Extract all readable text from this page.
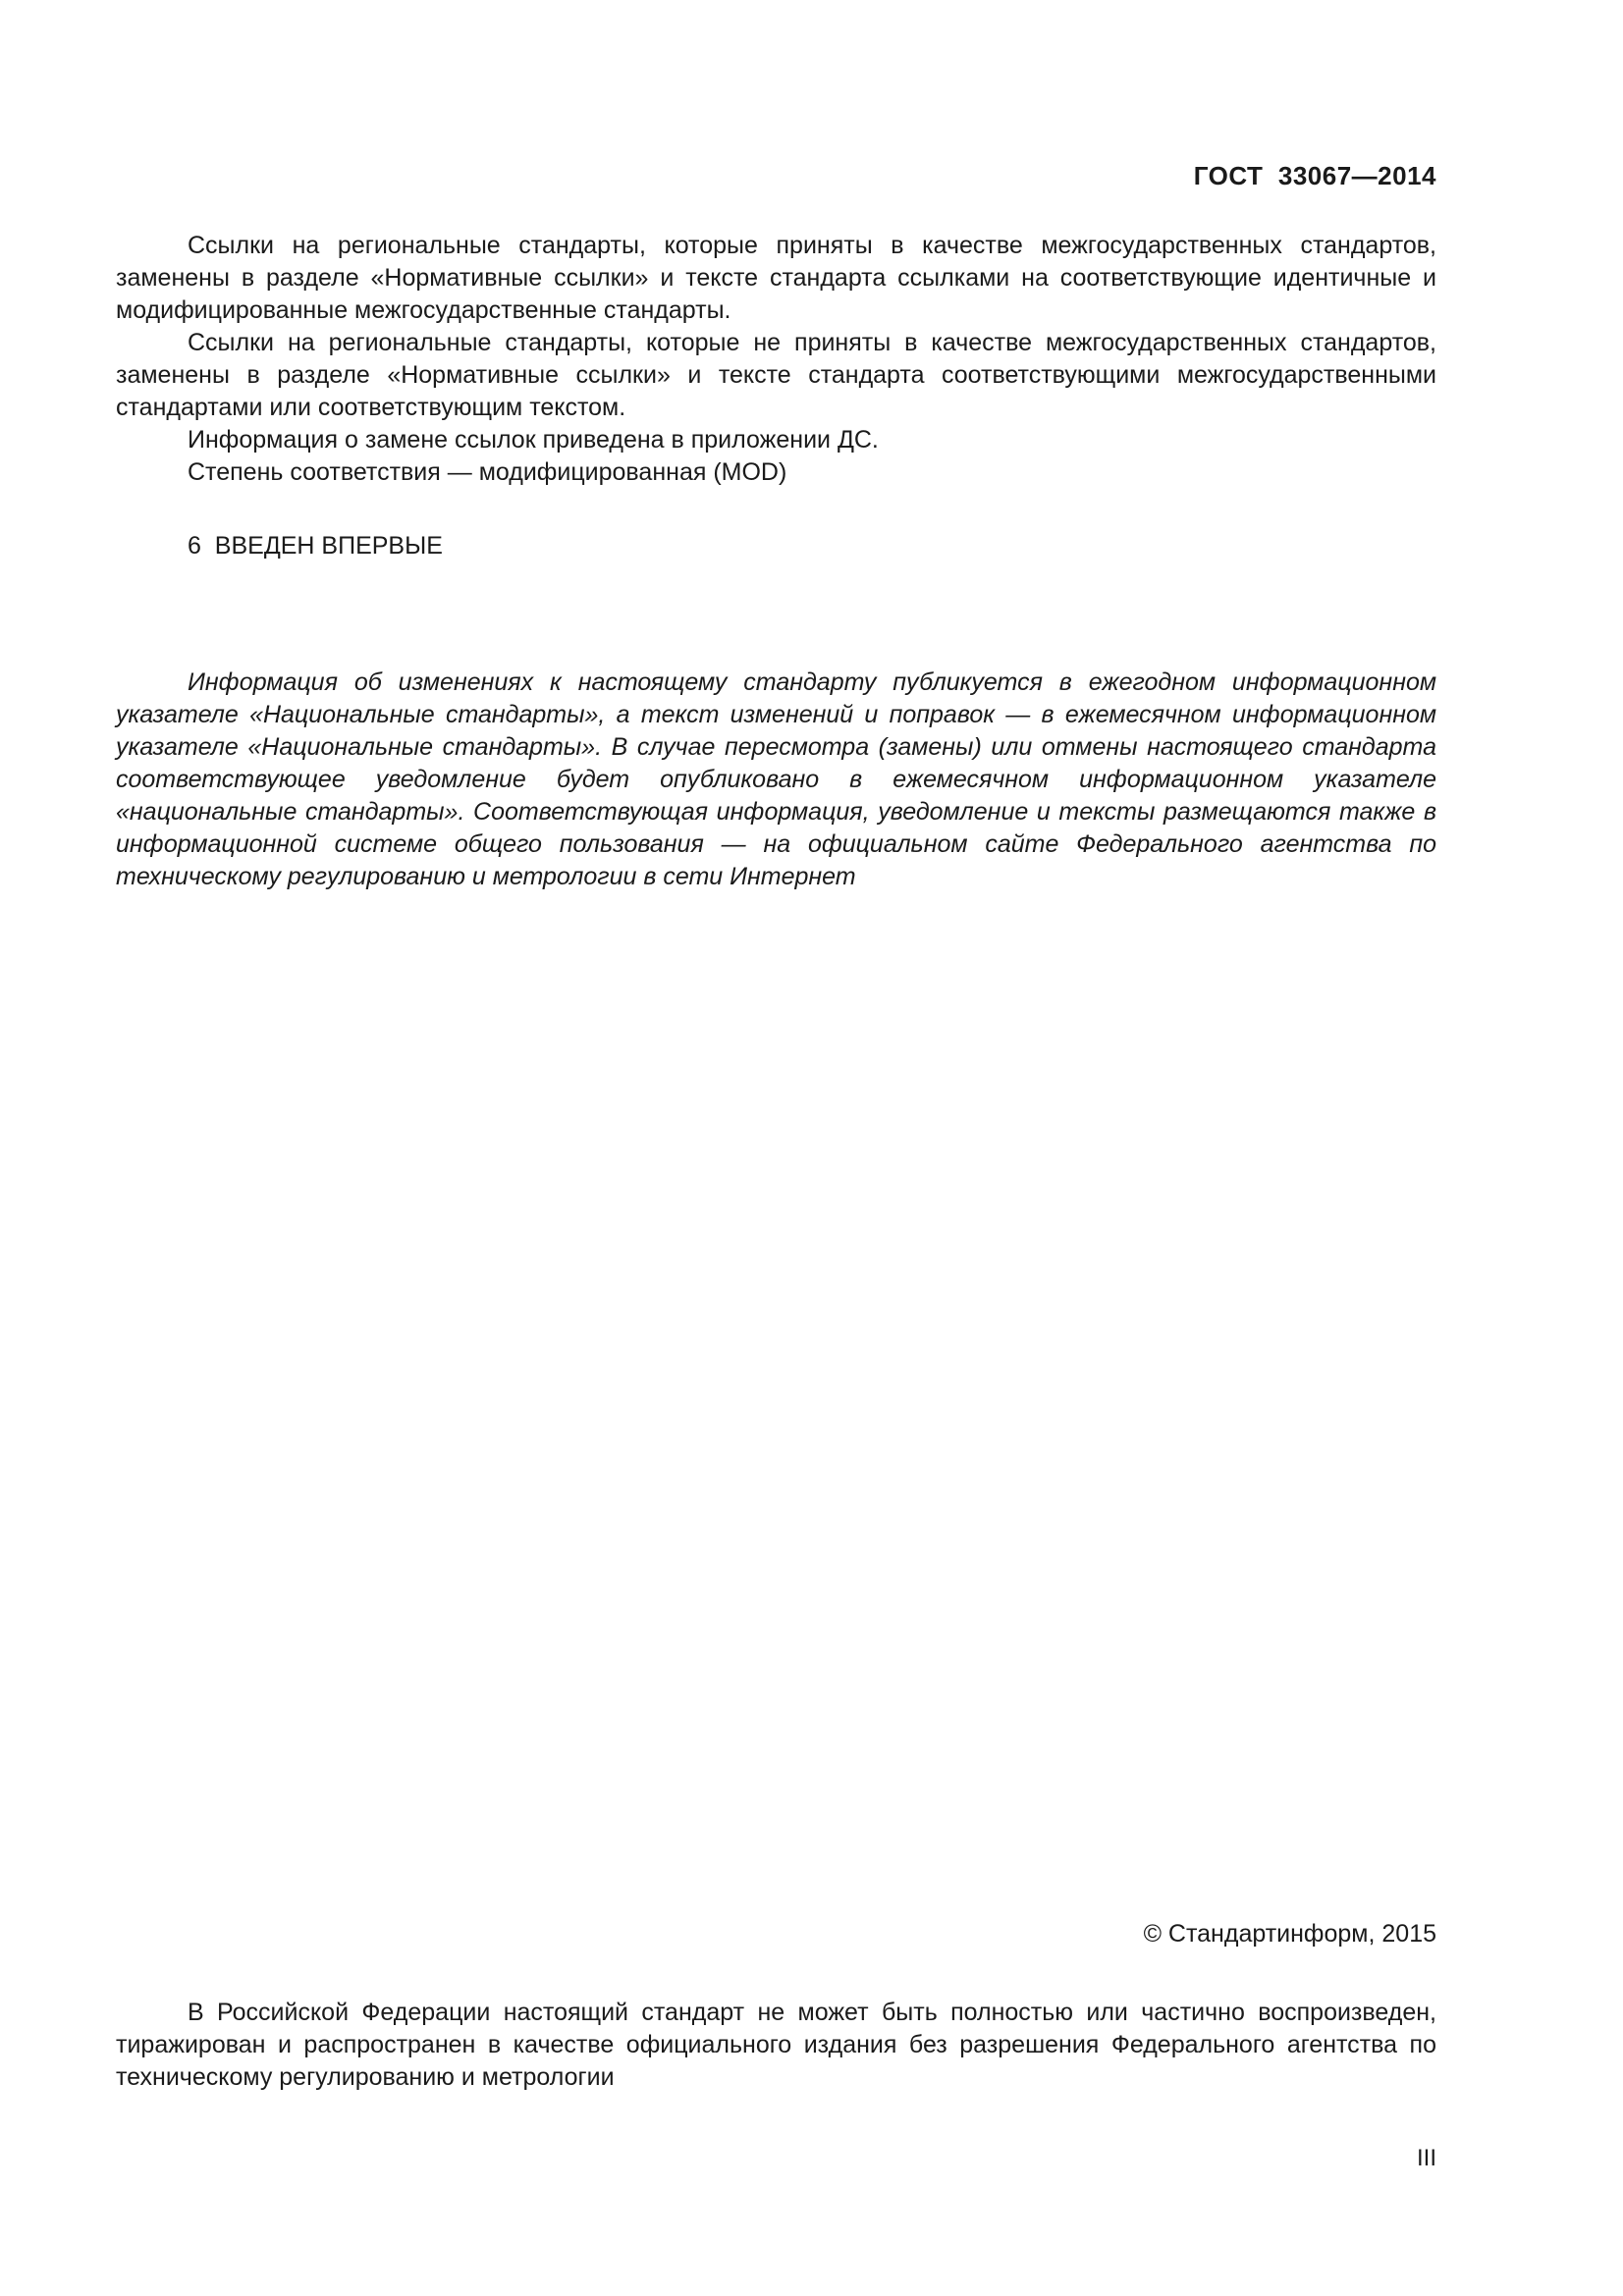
ГОСТ  33067—2014

Ссылки на региональные стандарты, которые приняты в качестве межгосударственных стандартов, заменены в разделе «Нормативные ссылки» и тексте стандарта ссылками на соответствующие идентичные и модифицированные межгосударственные стандарты.

Ссылки на региональные стандарты, которые не приняты в качестве межгосударственных стандартов, заменены в разделе «Нормативные ссылки» и тексте стандарта соответствующими межгосударственными стандартами или соответствующим текстом.

Информация о замене ссылок приведена в приложении ДС.

Степень соответствия — модифицированная (MOD)

6  ВВЕДЕН ВПЕРВЫЕ

Информация об изменениях к настоящему стандарту публикуется в ежегодном информационном указателе «Национальные стандарты», а текст изменений и поправок — в ежемесячном информационном указателе «Национальные стандарты». В случае пересмотра (замены) или отмены настоящего стандарта соответствующее уведомление будет опубликовано в ежемесячном информационном указателе «национальные стандарты». Соответствующая информация, уведомление и тексты размещаются также в информационной системе общего пользования — на официальном сайте Федерального агентства по техническому регулированию и метрологии в сети Интернет

© Стандартинформ, 2015

В Российской Федерации настоящий стандарт не может быть полностью или частично воспроизведен, тиражирован и распространен в качестве официального издания без разрешения Федерального агентства по техническому регулированию и метрологии

III
